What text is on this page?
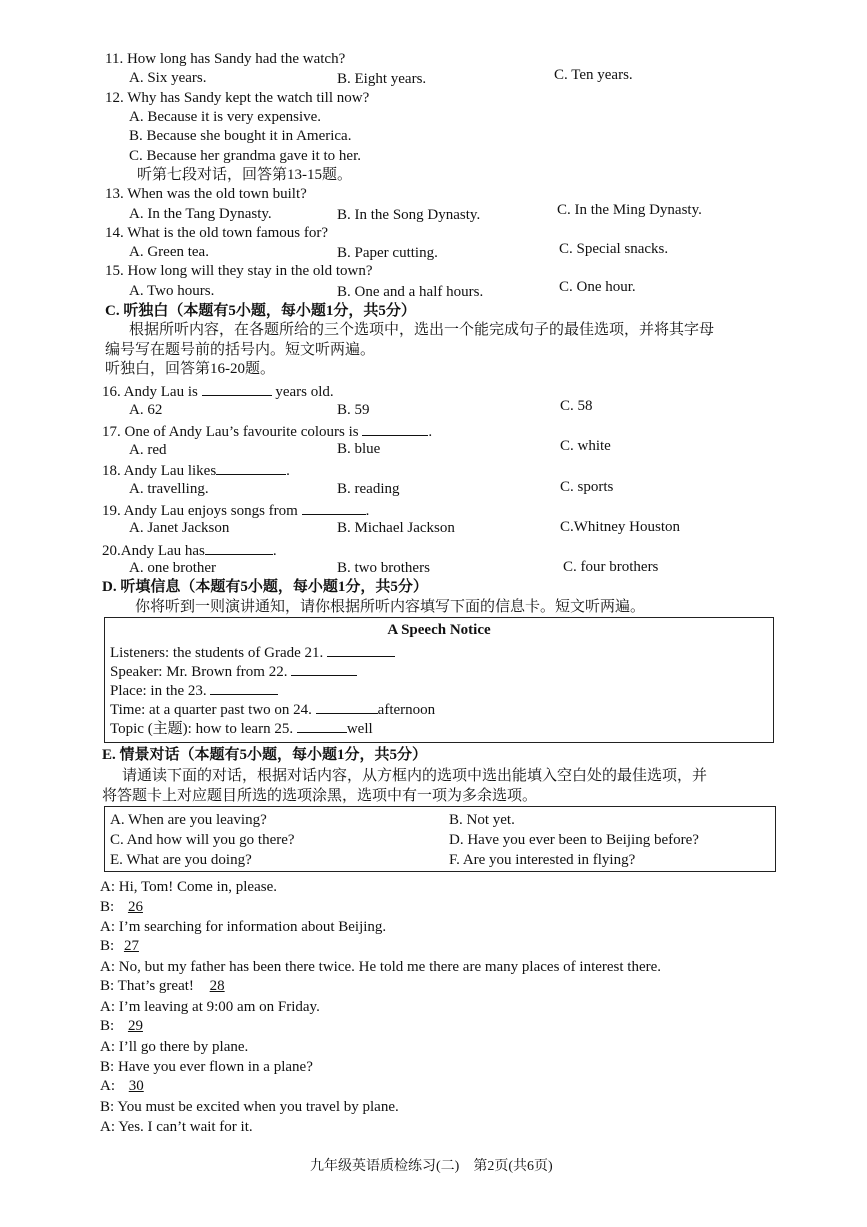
11. How long has Sandy had the watch?
A. Six years.	B. Eight years.	C. Ten years.
12. Why has Sandy kept the watch till now?
A. Because it is very expensive.
B. Because she bought it in America.
C. Because her grandma gave it to her.
听第七段对话，回答第13-15题。
13. When was the old town built?
A. In the Tang Dynasty.	B. In the Song Dynasty.	C. In the Ming Dynasty.
14. What is the old town famous for?
A. Green tea.	B. Paper cutting.	C. Special snacks.
15. How long will they stay in the old town?
A. Two hours.	B. One and a half hours.	C. One hour.
C. 听独白（本题有5小题，每小题1分，共5分）
根据所听内容，在各题所给的三个选项中，选出一个能完成句子的最佳选项，并将其字母
编号写在题号前的括号内。短文听两遍。
听独白，回答第16-20题。
16. Andy Lau is	years old.
A. 62	B. 59	C. 58
17. One of Andy Lau’s favourite colours is	.
A. red	B. blue	C. white
18. Andy Lau likes	.
A. travelling.	B. reading	C. sports
19. Andy Lau enjoys songs from	.
A. Janet Jackson	B. Michael Jackson	C.Whitney Houston
20.Andy Lau has	.
A. one brother	B. two brothers	C. four brothers
D. 听填信息（本题有5小题，每小题1分，共5分）
你将听到一则演讲通知，请你根据所听内容填写下面的信息卡。短文听两遍。
A Speech Notice
Listeners: the students of Grade 21.
Speaker: Mr. Brown from 22.
Place: in the 23.
Time: at a quarter past two on 24.	afternoon
Topic (主题): how to learn 25.	well
E. 情景对话（本题有5小题，每小题1分，共5分）
请通读下面的对话，根据对话内容，从方框内的选项中选出能填入空白处的最佳选项，并
将答题卡上对应题目所选的选项涂黑，选项中有一项为多余选项。
A. When are you leaving?	B. Not yet.
C. And how will you go there?	D. Have you ever been to Beijing before?
E. What are you doing?	F. Are you interested in flying?
A: Hi, Tom! Come in, please.
B: 26
A: I’m searching for information about Beijing.
B: 27
A: No, but my father has been there twice. He told me there are many places of interest there.
B: That’s great! 28
A: I’m leaving at 9:00 am on Friday.
B: 29
A: I’ll go there by plane.
B: Have you ever flown in a plane?
A: 30
B: You must be excited when you travel by plane.
A: Yes. I can’t wait for it.
九年级英语质检练习(二)　第2页(共6页)
